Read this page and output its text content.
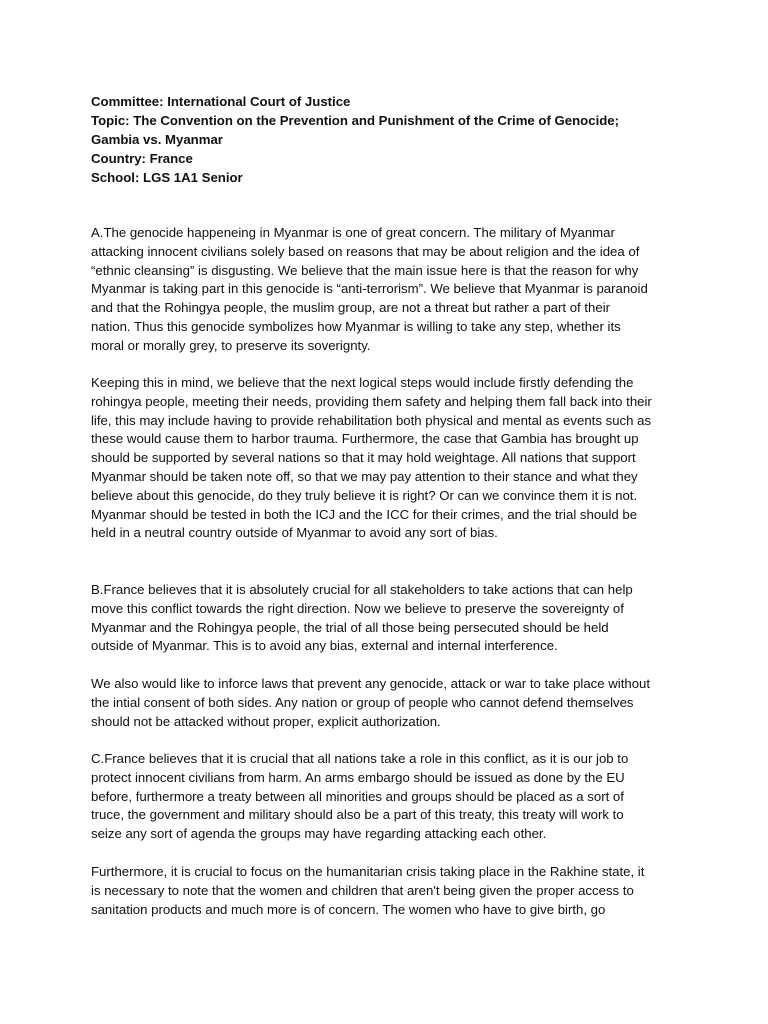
Committee: International Court of Justice
Topic: The Convention on the Prevention and Punishment of the Crime of Genocide;
Gambia vs. Myanmar
Country: France
School: LGS 1A1 Senior

A.The genocide happeneing in Myanmar is one of great concern. The military of Myanmar
attacking innocent civilians solely based on reasons that may be about religion and the idea of
“ethnic cleansing” is disgusting. We believe that the main issue here is that the reason for why
Myanmar is taking part in this genocide is “anti-terrorism”. We believe that Myanmar is paranoid
and that the Rohingya people, the muslim group, are not a threat but rather a part of their
nation. Thus this genocide symbolizes how Myanmar is willing to take any step, whether its
moral or morally grey, to preserve its soverignty.

Keeping this in mind, we believe that the next logical steps would include firstly defending the
rohingya people, meeting their needs, providing them safety and helping them fall back into their
life, this may include having to provide rehabilitation both physical and mental as events such as
these would cause them to harbor trauma. Furthermore, the case that Gambia has brought up
should be supported by several nations so that it may hold weightage. All nations that support
Myanmar should be taken note off, so that we may pay attention to their stance and what they
believe about this genocide, do they truly believe it is right? Or can we convince them it is not.
Myanmar should be tested in both the ICJ and the ICC for their crimes, and the trial should be
held in a neutral country outside of Myanmar to avoid any sort of bias.

B.France believes that it is absolutely crucial for all stakeholders to take actions that can help
move this conflict towards the right direction. Now we believe to preserve the sovereignty of
Myanmar and the Rohingya people, the trial of all those being persecuted should be held
outside of Myanmar. This is to avoid any bias, external and internal interference.

We also would like to inforce laws that prevent any genocide, attack or war to take place without
the intial consent of both sides. Any nation or group of people who cannot defend themselves
should not be attacked without proper, explicit authorization.

C.France believes that it is crucial that all nations take a role in this conflict, as it is our job to
protect innocent civilians from harm. An arms embargo should be issued as done by the EU
before, furthermore a treaty between all minorities and groups should be placed as a sort of
truce, the government and military should also be a part of this treaty, this treaty will work to
seize any sort of agenda the groups may have regarding attacking each other.

Furthermore, it is crucial to focus on the humanitarian crisis taking place in the Rakhine state, it
is necessary to note that the women and children that aren't being given the proper access to
sanitation products and much more is of concern. The women who have to give birth, go
